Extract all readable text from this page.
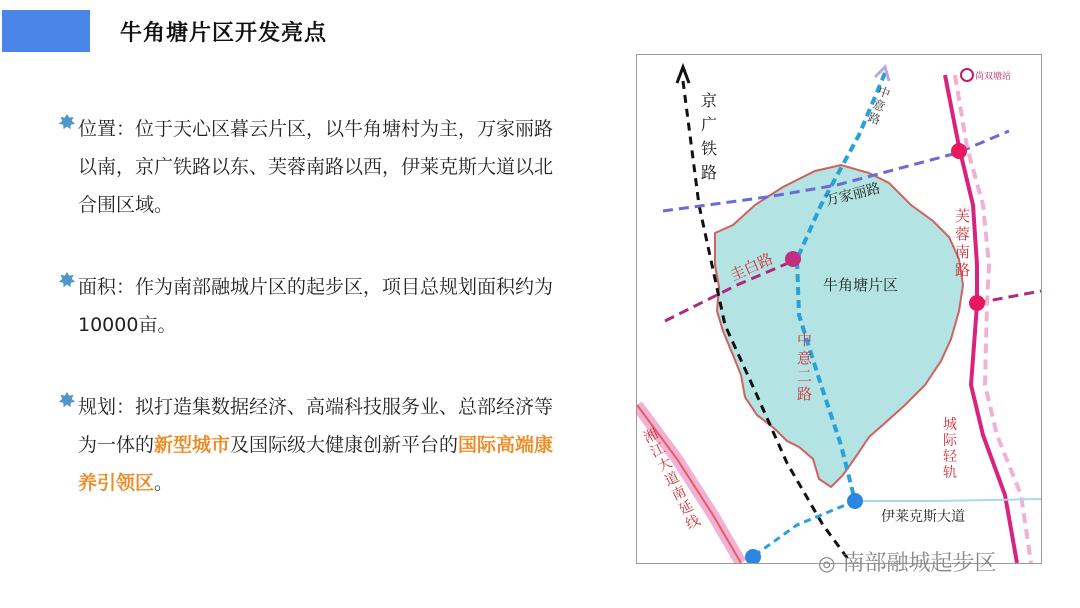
牛角塘片区开发亮点
位置：位于天心区暮云片区，以牛角塘村为主，万家丽路以南，京广铁路以东、芙蓉南路以西，伊莱克斯大道以北合围区域。
面积：作为南部融城片区的起步区，项目总规划面积约为10000亩。
规划：拟打造集数据经济、高端科技服务业、总部经济等为一体的新型城市及国际级大健康创新平台的国际高端康养引领区。
京广铁路
中意路
尚双塘站
万家丽路
芙蓉南路
圭白路
牛角塘片区
中意二路
湘江大道南延线
城际轻轨
伊莱克斯大道
◎ 南部融城起步区
